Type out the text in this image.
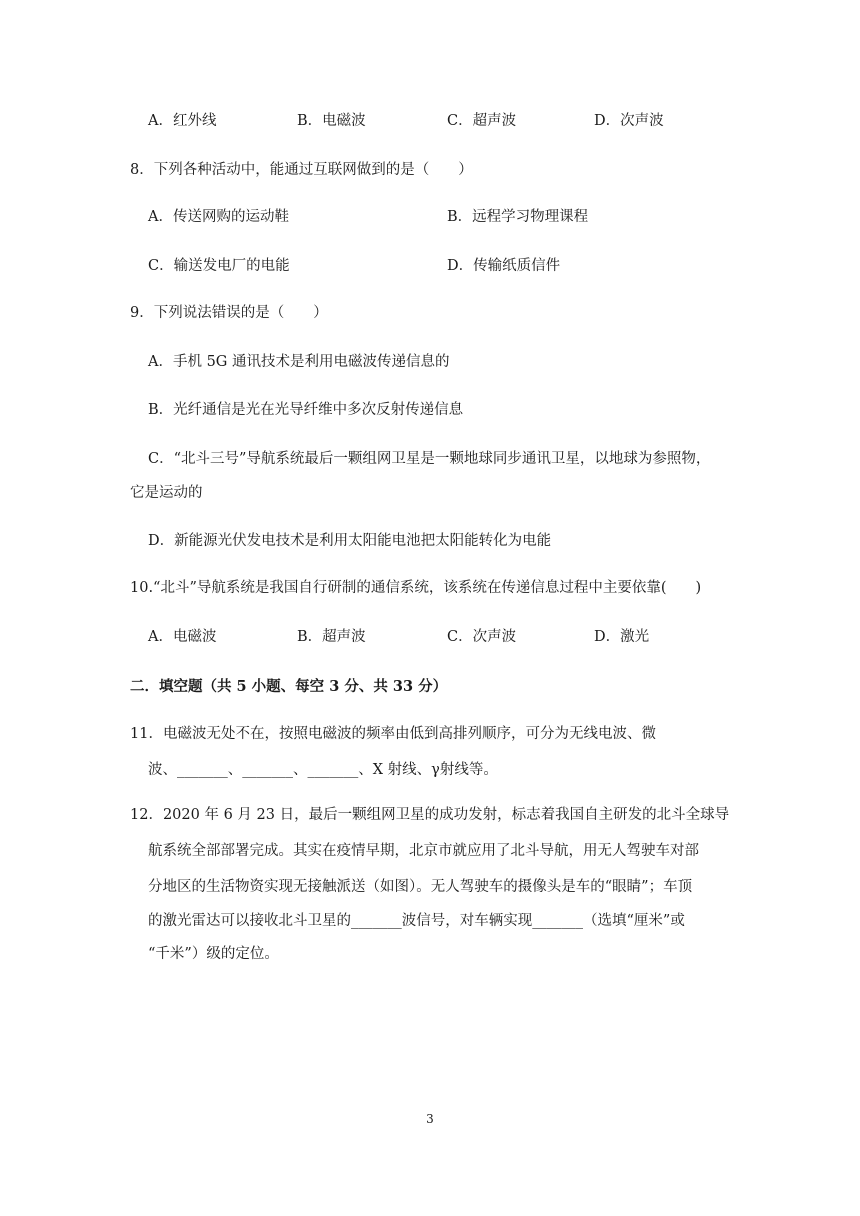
A．红外线	B．电磁波	C．超声波	D．次声波
8．下列各种活动中，能通过互联网做到的是（　　）
A．传送网购的运动鞋	B．远程学习物理课程
C．输送发电厂的电能	D．传输纸质信件
9．下列说法错误的是（　　）
A．手机 5G 通讯技术是利用电磁波传递信息的
B．光纤通信是光在光导纤维中多次反射传递信息
C．“北斗三号”导航系统最后一颗组网卫星是一颗地球同步通讯卫星，以地球为参照物，
它是运动的
D．新能源光伏发电技术是利用太阳能电池把太阳能转化为电能
10.“北斗”导航系统是我国自行研制的通信系统，该系统在传递信息过程中主要依靠(　　)
A．电磁波	B．超声波	C．次声波	D．激光
二．填空题（共 5 小题、每空 3 分、共 33 分）
11．电磁波无处不在，按照电磁波的频率由低到高排列顺序，可分为无线电波、微
波、_______、_______、_______、X 射线、γ射线等。
12．2020 年 6 月 23 日，最后一颗组网卫星的成功发射，标志着我国自主研发的北斗全球导
航系统全部部署完成。其实在疫情早期，北京市就应用了北斗导航，用无人驾驶车对部
分地区的生活物资实现无接触派送（如图）。无人驾驶车的摄像头是车的“眼睛”；车顶
的激光雷达可以接收北斗卫星的_______波信号，对车辆实现_______（选填“厘米”或
“千米”）级的定位。
3
